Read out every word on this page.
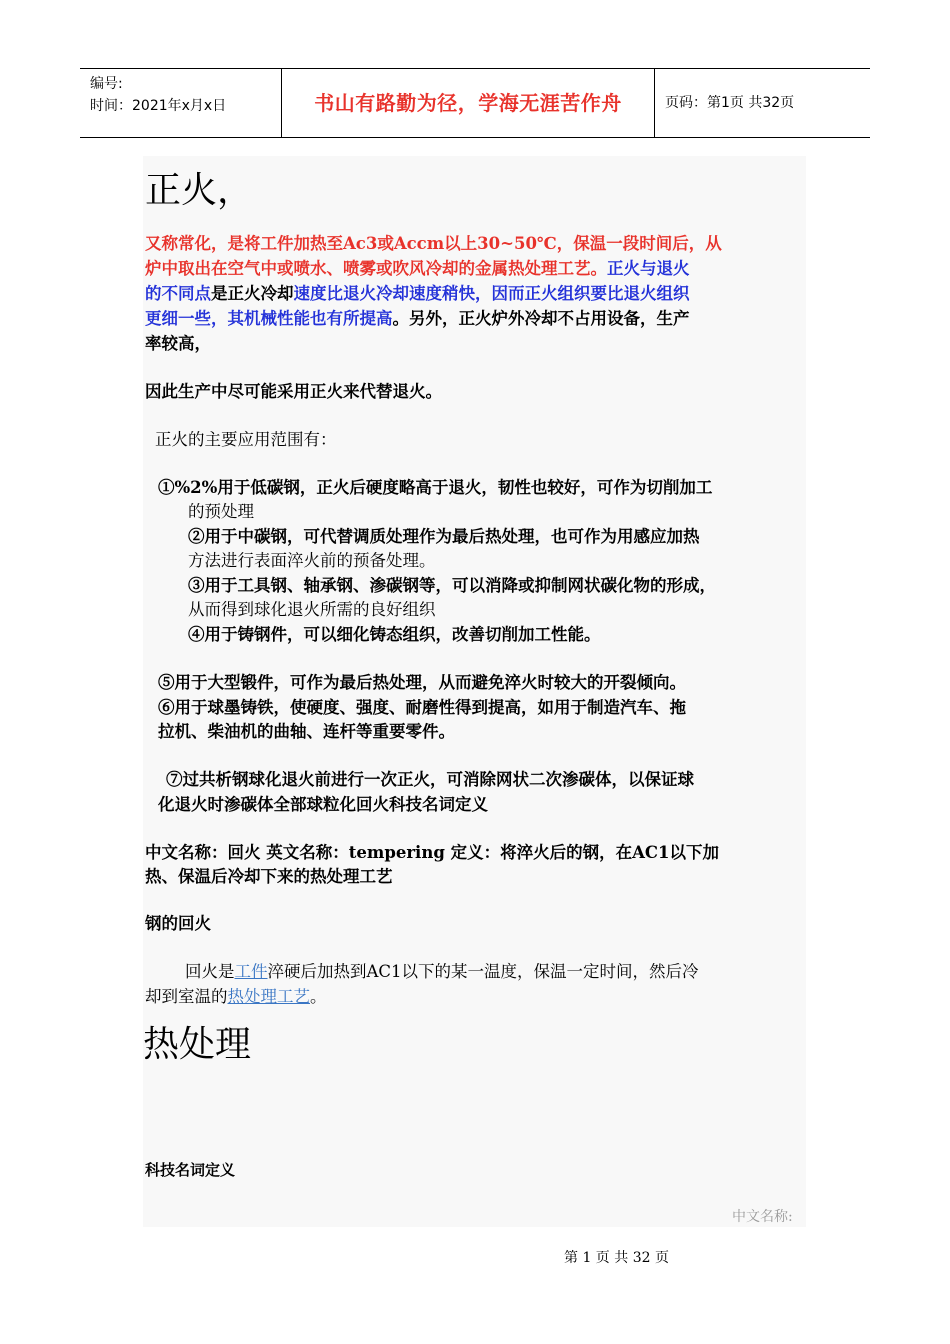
编号:
时间：2021年x月x日	书山有路勤为径，学海无涯苦作舟	页码：第1页 共32页
正火，
又称常化，是将工件加热至Ac3或Accm以上30~50℃，保温一段时间后，从
炉中取出在空气中或喷水、喷雾或吹风冷却的金属热处理工艺。正火与退火
的不同点是正火冷却速度比退火冷却速度稍快，因而正火组织要比退火组织
更细一些，其机械性能也有所提高。另外，正火炉外冷却不占用设备，生产
率较高，
因此生产中尽可能采用正火来代替退火。
正火的主要应用范围有：
①%2%用于低碳钢，正火后硬度略高于退火，韧性也较好，可作为切削加工
的预处理
②用于中碳钢，可代替调质处理作为最后热处理，也可作为用感应加热
方法进行表面淬火前的预备处理。
③用于工具钢、轴承钢、渗碳钢等，可以消降或抑制网状碳化物的形成，
从而得到球化退火所需的良好组织
④用于铸钢件，可以细化铸态组织，改善切削加工性能。
⑤用于大型锻件，可作为最后热处理，从而避免淬火时较大的开裂倾向。
⑥用于球墨铸铁，使硬度、强度、耐磨性得到提高，如用于制造汽车、拖
拉机、柴油机的曲轴、连杆等重要零件。
⑦过共析钢球化退火前进行一次正火，可消除网状二次渗碳体，以保证球
化退火时渗碳体全部球粒化回火科技名词定义
中文名称：回火 英文名称：tempering 定义：将淬火后的钢，在AC1以下加
热、保温后冷却下来的热处理工艺
钢的回火
回火是工件淬硬后加热到AC1以下的某一温度，保温一定时间，然后冷
却到室温的热处理工艺。
热处理
科技名词定义
中文名称:
第 1 页 共 32 页
